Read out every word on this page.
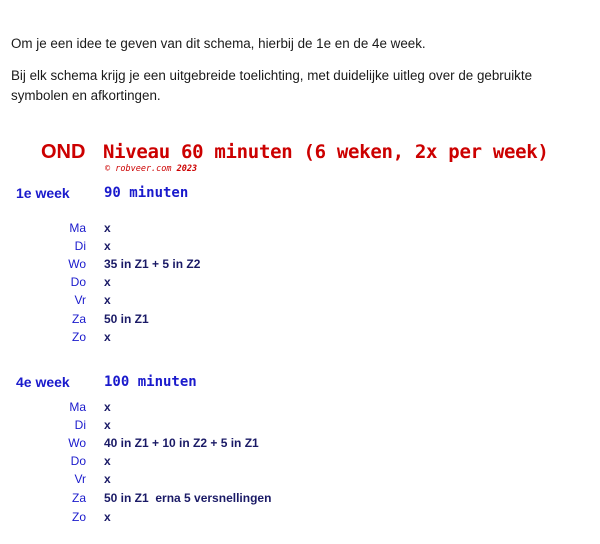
Om je een idee te geven van dit schema, hierbij de 1e en de 4e week.
Bij elk schema krijg je een uitgebreide toelichting, met duidelijke uitleg over de gebruikte symbolen en afkortingen.
OND Niveau 60 minuten (6 weken, 2x per week)
© robveer.com 2023
1e week 90 minuten
Ma x
Di x
Wo 35 in Z1 + 5 in Z2
Do x
Vr x
Za 50 in Z1
Zo x
4e week 100 minuten
Ma x
Di x
Wo 40 in Z1 + 10 in Z2 + 5 in Z1
Do x
Vr x
Za 50 in Z1  erna 5 versnellingen
Zo x
